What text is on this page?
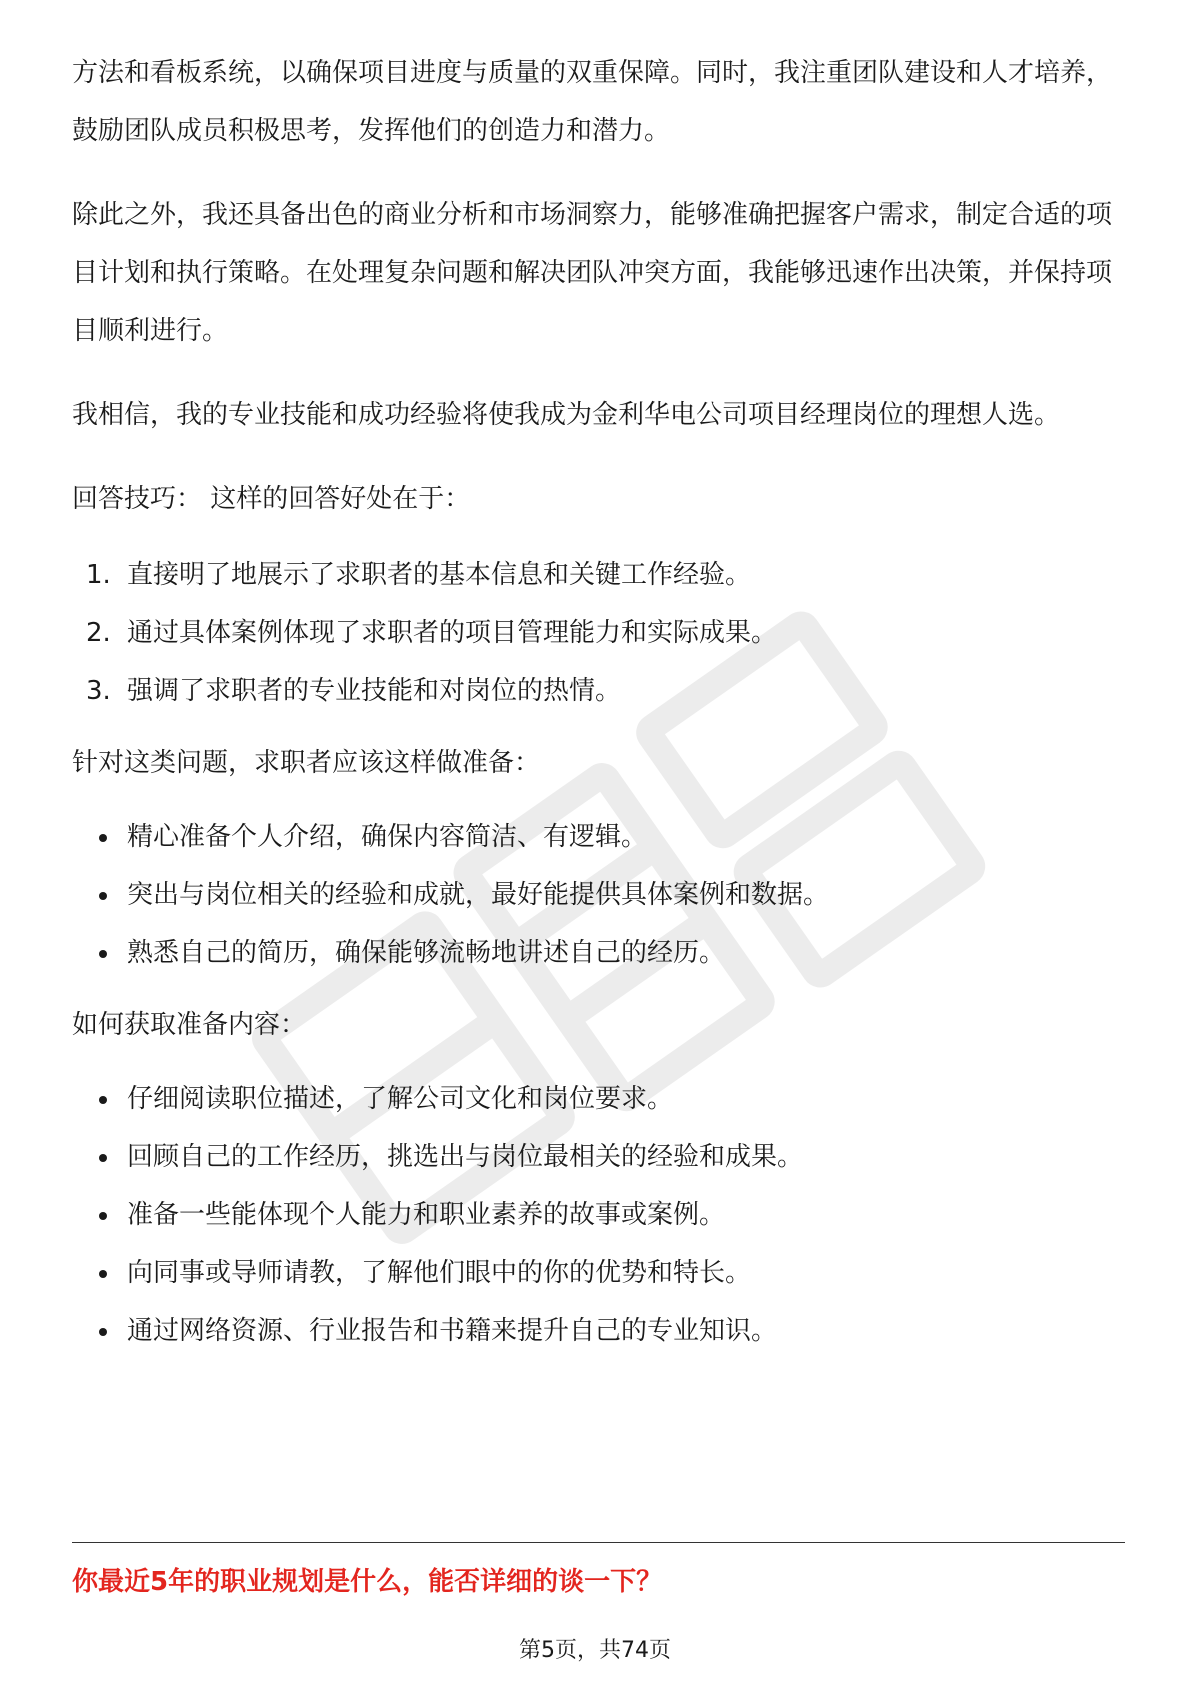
方法和看板系统，以确保项目进度与质量的双重保障。同时，我注重团队建设和人才培养，鼓励团队成员积极思考，发挥他们的创造力和潜力。

除此之外，我还具备出色的商业分析和市场洞察力，能够准确把握客户需求，制定合适的项目计划和执行策略。在处理复杂问题和解决团队冲突方面，我能够迅速作出决策，并保持项目顺利进行。

我相信，我的专业技能和成功经验将使我成为金利华电公司项目经理岗位的理想人选。

回答技巧： 这样的回答好处在于：

1. 直接明了地展示了求职者的基本信息和关键工作经验。
2. 通过具体案例体现了求职者的项目管理能力和实际成果。
3. 强调了求职者的专业技能和对岗位的热情。

针对这类问题，求职者应该这样做准备：

精心准备个人介绍，确保内容简洁、有逻辑。
突出与岗位相关的经验和成就，最好能提供具体案例和数据。
熟悉自己的简历，确保能够流畅地讲述自己的经历。

如何获取准备内容：

仔细阅读职位描述，了解公司文化和岗位要求。
回顾自己的工作经历，挑选出与岗位最相关的经验和成果。
准备一些能体现个人能力和职业素养的故事或案例。
向同事或导师请教，了解他们眼中的你的优势和特长。
通过网络资源、行业报告和书籍来提升自己的专业知识。
你最近5年的职业规划是什么，能否详细的谈一下？
第5页，共74页
